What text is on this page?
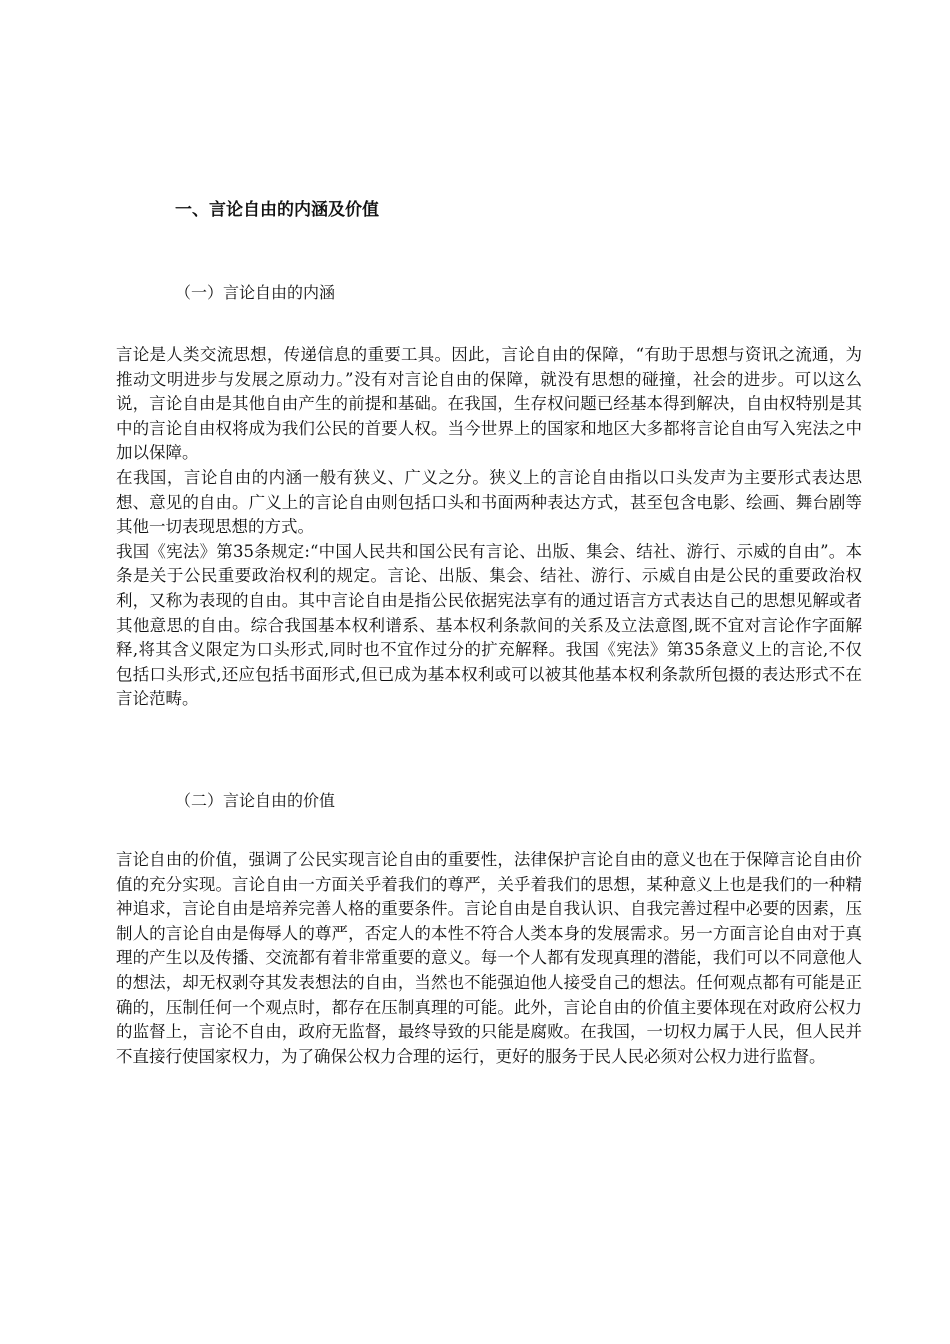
一、言论自由的内涵及价值
（一）言论自由的内涵

言论是人类交流思想，传递信息的重要工具。因此，言论自由的保障，“有助于思想与资讯之流通，为推动文明进步与发展之原动力。”没有对言论自由的保障，就没有思想的碰撞，社会的进步。可以这么说，言论自由是其他自由产生的前提和基础。在我国，生存权问题已经基本得到解决，自由权特别是其中的言论自由权将成为我们公民的首要人权。当今世界上的国家和地区大多都将言论自由写入宪法之中加以保障。

在我国，言论自由的内涵一般有狭义、广义之分。狭义上的言论自由指以口头发声为主要形式表达思想、意见的自由。广义上的言论自由则包括口头和书面两种表达方式，甚至包含电影、绘画、舞台剧等其他一切表现思想的方式。

我国《宪法》第35条规定:“中国人民共和国公民有言论、出版、集会、结社、游行、示威的自由”。本条是关于公民重要政治权利的规定。言论、出版、集会、结社、游行、示威自由是公民的重要政治权利，又称为表现的自由。其中言论自由是指公民依据宪法享有的通过语言方式表达自己的思想见解或者其他意思的自由。综合我国基本权利谱系、基本权利条款间的关系及立法意图,既不宜对言论作字面解释,将其含义限定为口头形式,同时也不宜作过分的扩充解释。我国《宪法》第35条意义上的言论,不仅包括口头形式,还应包括书面形式,但已成为基本权利或可以被其他基本权利条款所包摄的表达形式不在言论范畴。

（二）言论自由的价值

言论自由的价值，强调了公民实现言论自由的重要性，法律保护言论自由的意义也在于保障言论自由价值的充分实现。言论自由一方面关乎着我们的尊严，关乎着我们的思想，某种意义上也是我们的一种精神追求，言论自由是培养完善人格的重要条件。言论自由是自我认识、自我完善过程中必要的因素，压制人的言论自由是侮辱人的尊严，否定人的本性不符合人类本身的发展需求。另一方面言论自由对于真理的产生以及传播、交流都有着非常重要的意义。每一个人都有发现真理的潜能，我们可以不同意他人的想法，却无权剥夺其发表想法的自由，当然也不能强迫他人接受自己的想法。任何观点都有可能是正确的，压制任何一个观点时，都存在压制真理的可能。此外，言论自由的价值主要体现在对政府公权力的监督上，言论不自由，政府无监督，最终导致的只能是腐败。在我国，一切权力属于人民，但人民并不直接行使国家权力，为了确保公权力合理的运行，更好的服务于民人民必须对公权力进行监督。
